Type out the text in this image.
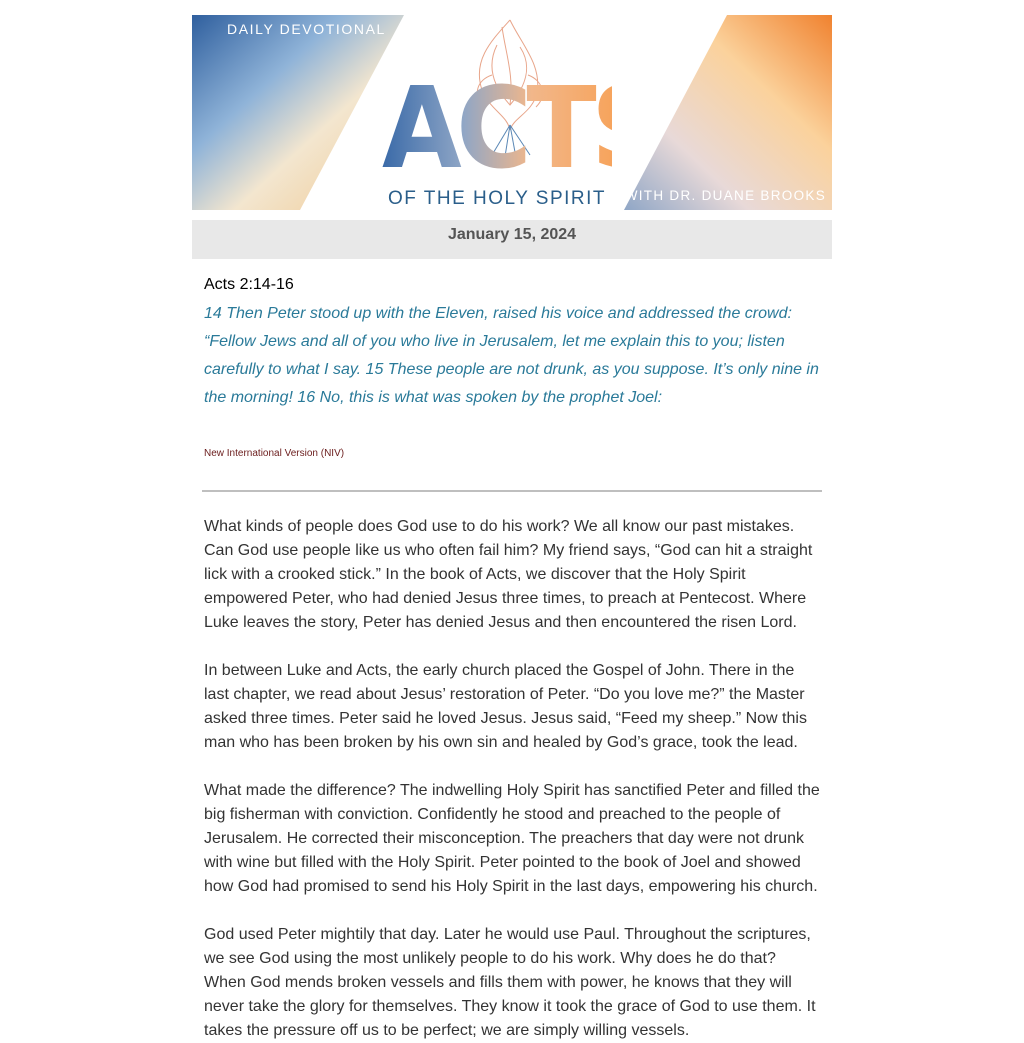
DAILY DEVOTIONAL
ACTS
OF THE HOLY SPIRIT	WITH DR. DUANE BROOKS
January 15, 2024
Acts 2:14-16
14 Then Peter stood up with the Eleven, raised his voice and addressed the crowd: “Fellow Jews and all of you who live in Jerusalem, let me explain this to you; listen carefully to what I say. 15 These people are not drunk, as you suppose. It’s only nine in the morning! 16 No, this is what was spoken by the prophet Joel:
New International Version (NIV)

What kinds of people does God use to do his work? We all know our past mistakes. Can God use people like us who often fail him? My friend says, “God can hit a straight lick with a crooked stick.” In the book of Acts, we discover that the Holy Spirit empowered Peter, who had denied Jesus three times, to preach at Pentecost. Where Luke leaves the story, Peter has denied Jesus and then encountered the risen Lord.

In between Luke and Acts, the early church placed the Gospel of John. There in the last chapter, we read about Jesus’ restoration of Peter. “Do you love me?” the Master asked three times. Peter said he loved Jesus. Jesus said, “Feed my sheep.” Now this man who has been broken by his own sin and healed by God’s grace, took the lead.

What made the difference? The indwelling Holy Spirit has sanctified Peter and filled the big fisherman with conviction. Confidently he stood and preached to the people of Jerusalem. He corrected their misconception. The preachers that day were not drunk with wine but filled with the Holy Spirit. Peter pointed to the book of Joel and showed how God had promised to send his Holy Spirit in the last days, empowering his church.

God used Peter mightily that day. Later he would use Paul. Throughout the scriptures, we see God using the most unlikely people to do his work. Why does he do that? When God mends broken vessels and fills them with power, he knows that they will never take the glory for themselves. They know it took the grace of God to use them. It takes the pressure off us to be perfect; we are simply willing vessels.
